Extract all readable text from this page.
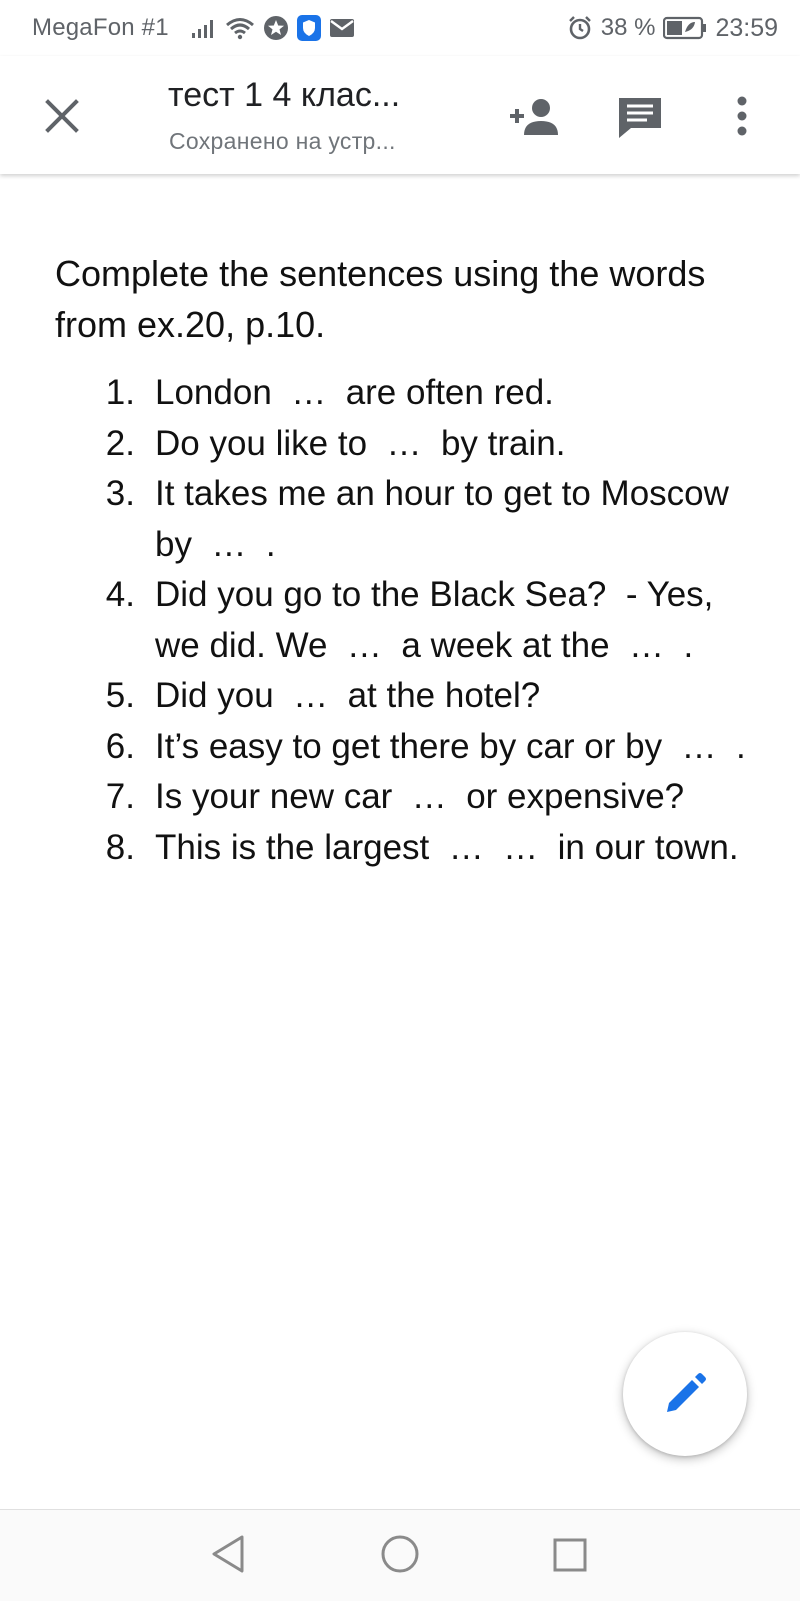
MegaFon #1	38 % 23:59
тест 1 4 клас...
Сохранено на устр...

Complete the sentences using the words from ex.20, p.10.

1. London  …  are often red.
2. Do you like to  …  by train.
3. It takes me an hour to get to Moscow by  …  .
4. Did you go to the Black Sea?  - Yes, we did. We  …  a week at the  …  .
5. Did you  …  at the hotel?
6. It’s easy to get there by car or by  …  .
7. Is your new car  …  or expensive?
8. This is the largest  …  …  in our town.
